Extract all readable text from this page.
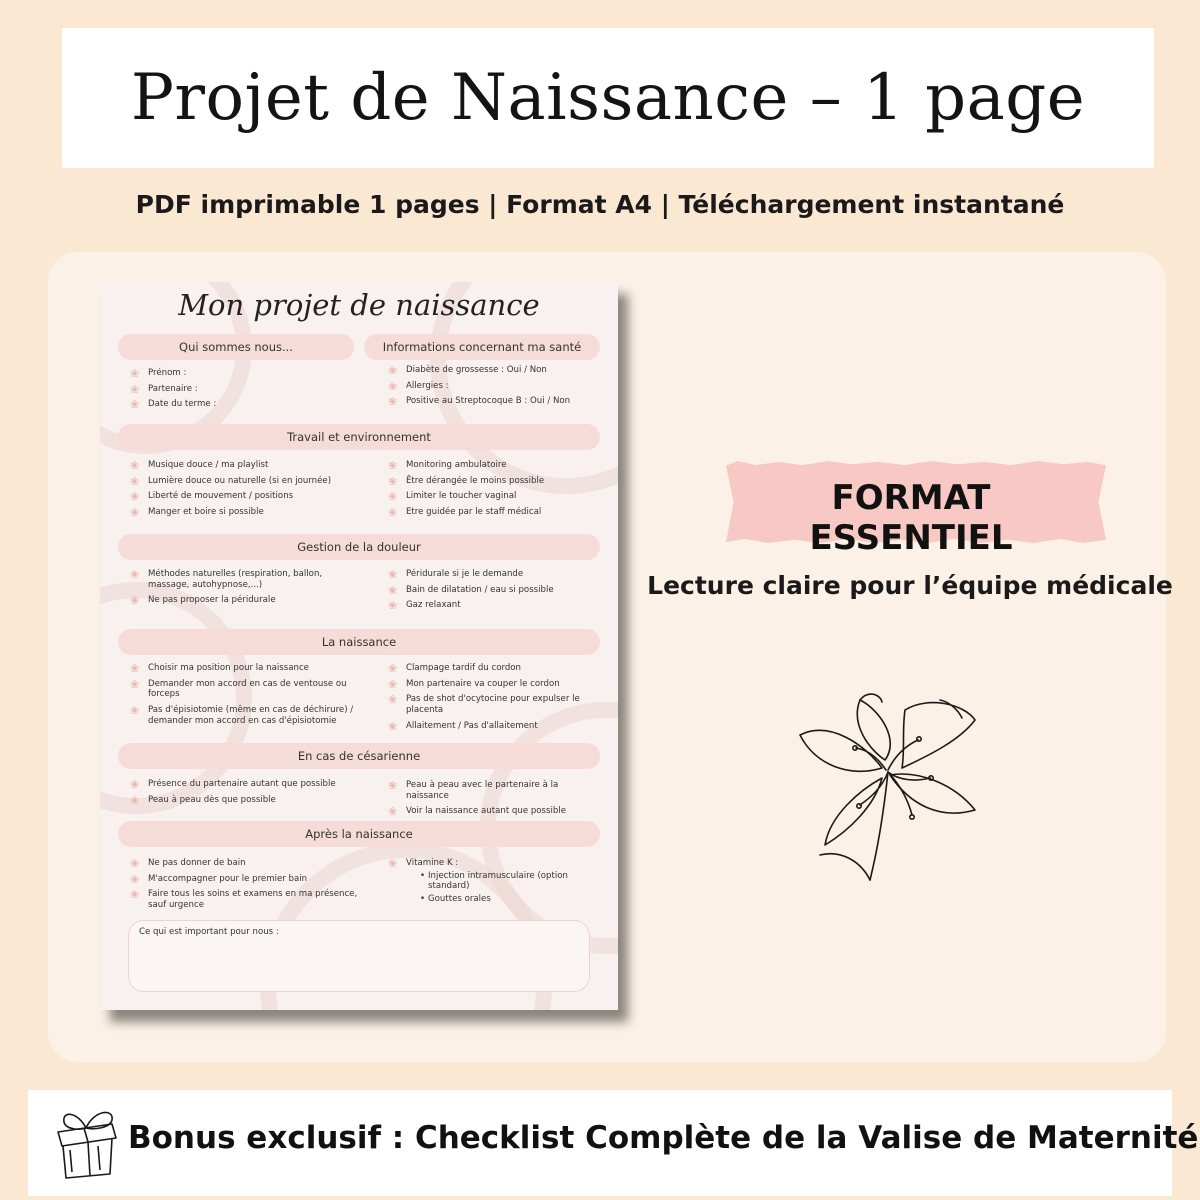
Projet de Naissance – 1 page
PDF imprimable 1 pages | Format A4 | Téléchargement instantané
Mon projet de naissance
Qui sommes nous...	Informations concernant ma santé
❀ Prénom :
❀ Partenaire :
❀ Date du terme :
❀ Diabète de grossesse : Oui / Non
❀ Allergies :
❀ Positive au Streptocoque B : Oui / Non
Travail et environnement
❀ Musique douce / ma playlist
❀ Lumière douce ou naturelle (si en journée)
❀ Liberté de mouvement / positions
❀ Manger et boire si possible
❀ Monitoring ambulatoire
❀ Être dérangée le moins possible
❀ Limiter le toucher vaginal
❀ Etre guidée par le staff médical
Gestion de la douleur
❀ Méthodes naturelles (respiration, ballon, massage, autohypnose,...)
❀ Ne pas proposer la péridurale
❀ Péridurale si je le demande
❀ Bain de dilatation / eau si possible
❀ Gaz relaxant
La naissance
❀ Choisir ma position pour la naissance
❀ Demander mon accord en cas de ventouse ou forceps
❀ Pas d'épisiotomie (même en cas de déchirure) / demander mon accord en cas d'épisiotomie
❀ Clampage tardif du cordon
❀ Mon partenaire va couper le cordon
❀ Pas de shot d'ocytocine pour expulser le placenta
❀ Allaitement / Pas d'allaitement
En cas de césarienne
❀ Présence du partenaire autant que possible
❀ Peau à peau dès que possible
❀ Peau à peau avec le partenaire à la naissance
❀ Voir la naissance autant que possible
Après la naissance
❀ Ne pas donner de bain
❀ M'accompagner pour le premier bain
❀ Faire tous les soins et examens en ma présence, sauf urgence
❀ Vitamine K :
• Injection intramusculaire (option standard)
• Gouttes orales
Ce qui est important pour nous :
FORMAT ESSENTIEL
Lecture claire pour l’équipe médicale
Bonus exclusif : Checklist Complète de la Valise de Maternité
